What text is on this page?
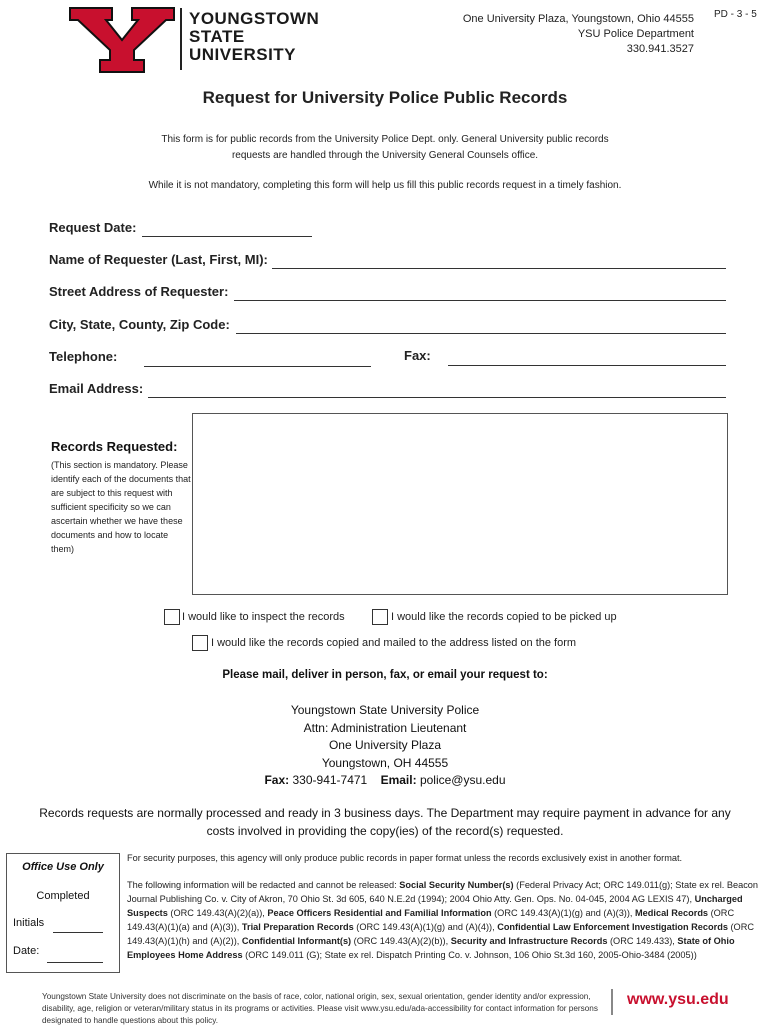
YOUNGSTOWN
STATE
UNIVERSITY
One University Plaza, Youngstown, Ohio 44555
YSU Police Department
330.941.3527
PD - 3 - 5
Request for University Police Public Records
This form is for public records from the University Police Dept. only. General University public records
requests are handled through the University General Counsels office.
While it is not mandatory, completing this form will help us fill this public records request in a timely fashion.
Request Date:
Name of Requester (Last, First, MI):
Street Address of Requester:
City, State, County, Zip Code:
Telephone:	Fax:
Email Address:
Records Requested:
(This section is mandatory. Please identify each of the documents that are subject to this request with sufficient specificity so we can ascertain whether we have these documents and how to locate them)
I would like to inspect the records	I would like the records copied to be picked up
I would like the records copied and mailed to the address listed on the form
Please mail, deliver in person, fax, or email your request to:
Youngstown State University Police
Attn: Administration Lieutenant
One University Plaza
Youngstown, OH 44555
Fax: 330-941-7471 Email: police@ysu.edu
Records requests are normally processed and ready in 3 business days. The Department may require payment in advance for any
costs involved in providing the copy(ies) of the record(s) requested.
Office Use Only
Completed
Initials
Date:
For security purposes, this agency will only produce public records in paper format unless the records exclusively exist in another format.
The following information will be redacted and cannot be released: Social Security Number(s) (Federal Privacy Act; ORC 149.011(g); State ex rel. Beacon Journal Publishing Co. v. City of Akron, 70 Ohio St. 3d 605, 640 N.E.2d (1994); 2004 Ohio Atty. Gen. Ops. No. 04-045, 2004 AG LEXIS 47), Uncharged Suspects (ORC 149.43(A)(2)(a)), Peace Officers Residential and Familial Information (ORC 149.43(A)(1)(g) and (A)(3)), Medical Records (ORC 149.43(A)(1)(a) and (A)(3)), Trial Preparation Records (ORC 149.43(A)(1)(g) and (A)(4)), Confidential Law Enforcement Investigation Records (ORC 149.43(A)(1)(h) and (A)(2)), Confidential Informant(s) (ORC 149.43(A)(2)(b)), Security and Infrastructure Records (ORC 149.433), State of Ohio Employees Home Address (ORC 149.011 (G); State ex rel. Dispatch Printing Co. v. Johnson, 106 Ohio St.3d 160, 2005-Ohio-3484 (2005))
Youngstown State University does not discriminate on the basis of race, color, national origin, sex, sexual orientation, gender identity and/or expression, disability, age, religion or veteran/military status in its programs or activities. Please visit www.ysu.edu/ada-accessibility for contact information for persons designated to handle questions about this policy.
www.ysu.edu
